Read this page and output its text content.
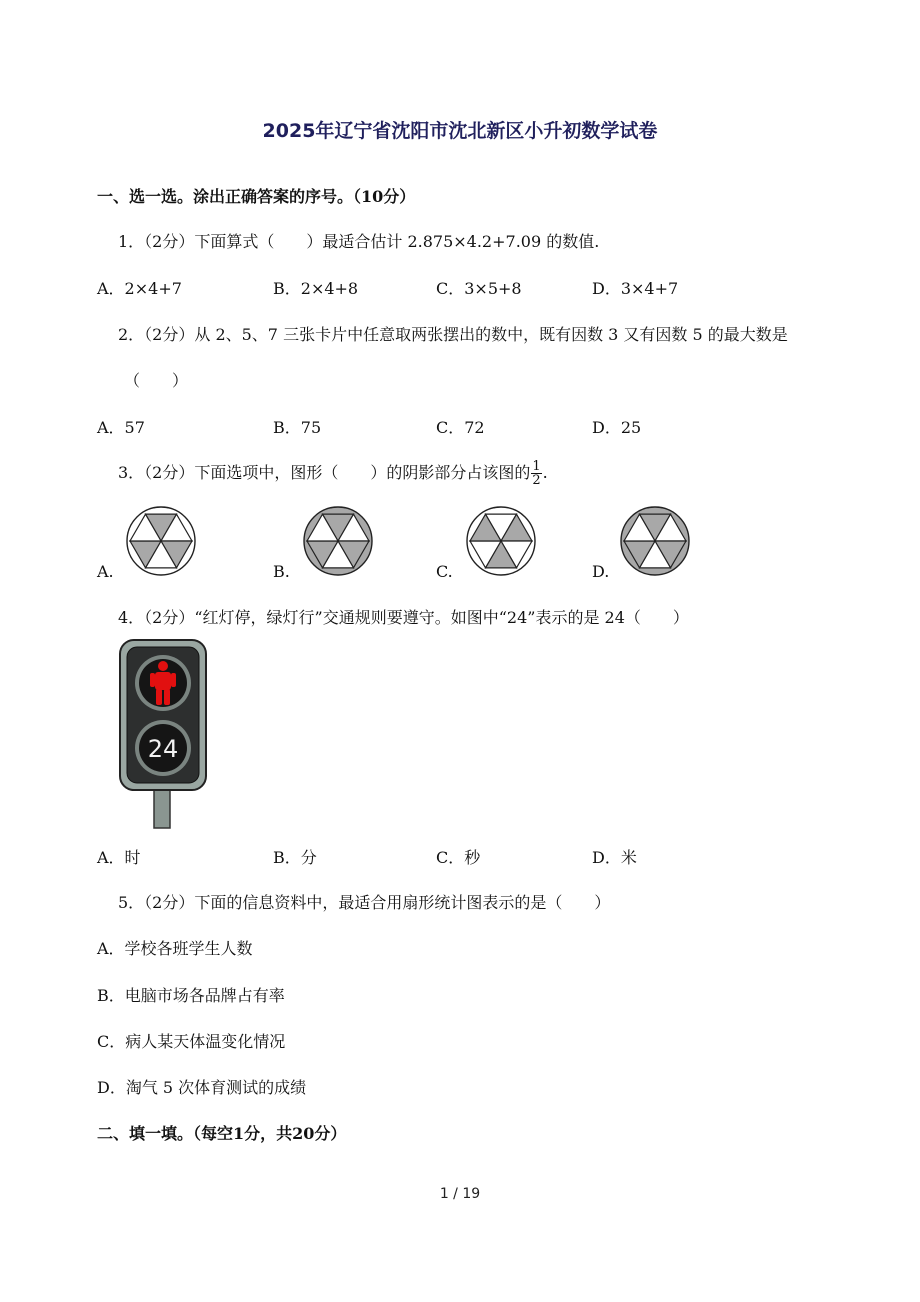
2025年辽宁省沈阳市沈北新区小升初数学试卷
一、选一选。涂出正确答案的序号。（10分）
1．（2分）下面算式（　　）最适合估计 2.875×4.2+7.09 的数值.
A．2×4+7	B．2×4+8	C．3×5+8	D．3×4+7
2．（2分）从 2、5、7 三张卡片中任意取两张摆出的数中，既有因数 3 又有因数 5 的最大数是
（　　）
A．57	B．75	C．72	D．25
3．（2分）下面选项中，图形（　　）的阴影部分占该图的 $\frac{1}{2}$ .
A.	B.	C.	D.
4．（2分）“红灯停，绿灯行”交通规则要遵守。如图中“24”表示的是 24（　　）
24
A．时	B．分	C．秒	D．米
5．（2分）下面的信息资料中，最适合用扇形统计图表示的是（　　）
A．学校各班学生人数
B．电脑市场各品牌占有率
C．病人某天体温变化情况
D．淘气 5 次体育测试的成绩
二、填一填。（每空1分，共20分）
1 / 19
